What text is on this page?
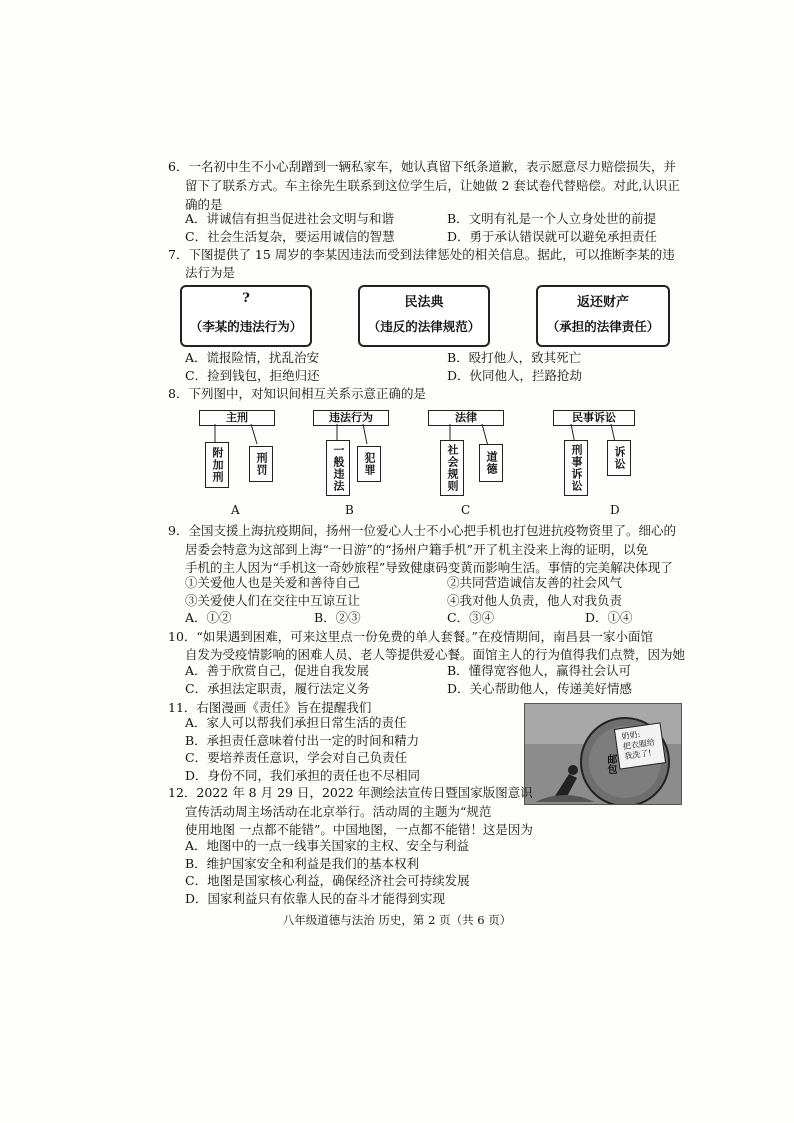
6．一名初中生不小心刮蹭到一辆私家车，她认真留下纸条道歉，表示愿意尽力赔偿损失，并
留下了联系方式。车主徐先生联系到这位学生后，让她做 2 套试卷代替赔偿。对此,认识正
确的是
A．讲诚信有担当促进社会文明与和谐	B．文明有礼是一个人立身处世的前提
C．社会生活复杂，要运用诚信的智慧	D．勇于承认错误就可以避免承担责任
7．下图提供了 15 周岁的李某因违法而受到法律惩处的相关信息。据此，可以推断李某的违
法行为是
?
（李某的违法行为）
民法典
（违反的法律规范）
返还财产
（承担的法律责任）
A．谎报险情，扰乱治安	B．殴打他人，致其死亡
C．捡到钱包，拒绝归还	D．伙同他人，拦路抢劫
8．下列图中，对知识间相互关系示意正确的是
主刑
附加刑	刑罚
A
违法行为
一般违法	犯罪
B
法律
社会规则	道德
C
民事诉讼
刑事诉讼	诉讼
D
9．全国支援上海抗疫期间，扬州一位爱心人士不小心把手机也打包进抗疫物资里了。细心的
居委会特意为这部到上海“一日游”的“扬州户籍手机”开了机主没来上海的证明，以免
手机的主人因为“手机这一奇妙旅程”导致健康码变黄而影响生活。事情的完美解决体现了
①关爱他人也是关爱和善待自己	②共同营造诚信友善的社会风气
③关爱使人们在交往中互谅互让	④我对他人负责，他人对我负责
A．①②	B．②③	C．③④	D．①④
10．“如果遇到困难，可来这里点一份免费的单人套餐。”在疫情期间，南昌县一家小面馆
自发为受疫情影响的困难人员、老人等提供爱心餐。面馆主人的行为值得我们点赞，因为她
A．善于欣赏自己，促进自我发展	B．懂得宽容他人，赢得社会认可
C．承担法定职责，履行法定义务	D．关心帮助他人，传递美好情感
11．右图漫画《责任》旨在提醒我们
A．家人可以帮我们承担日常生活的责任
B．承担责任意味着付出一定的时间和精力
C．要培养责任意识，学会对自己负责任
D．身份不同，我们承担的责任也不尽相同
奶奶:
把衣服给
我洗了!
邮包
12．2022 年 8 月 29 日，2022 年测绘法宣传日暨国家版图意识
宣传活动周主场活动在北京举行。活动周的主题为“规范
使用地图 一点都不能错”。中国地图，一点都不能错！这是因为
A．地图中的一点一线事关国家的主权、安全与利益
B．维护国家安全和利益是我们的基本权利
C．地图是国家核心利益，确保经济社会可持续发展
D．国家利益只有依靠人民的奋斗才能得到实现
八年级道德与法治 历史，第 2 页（共 6 页）
